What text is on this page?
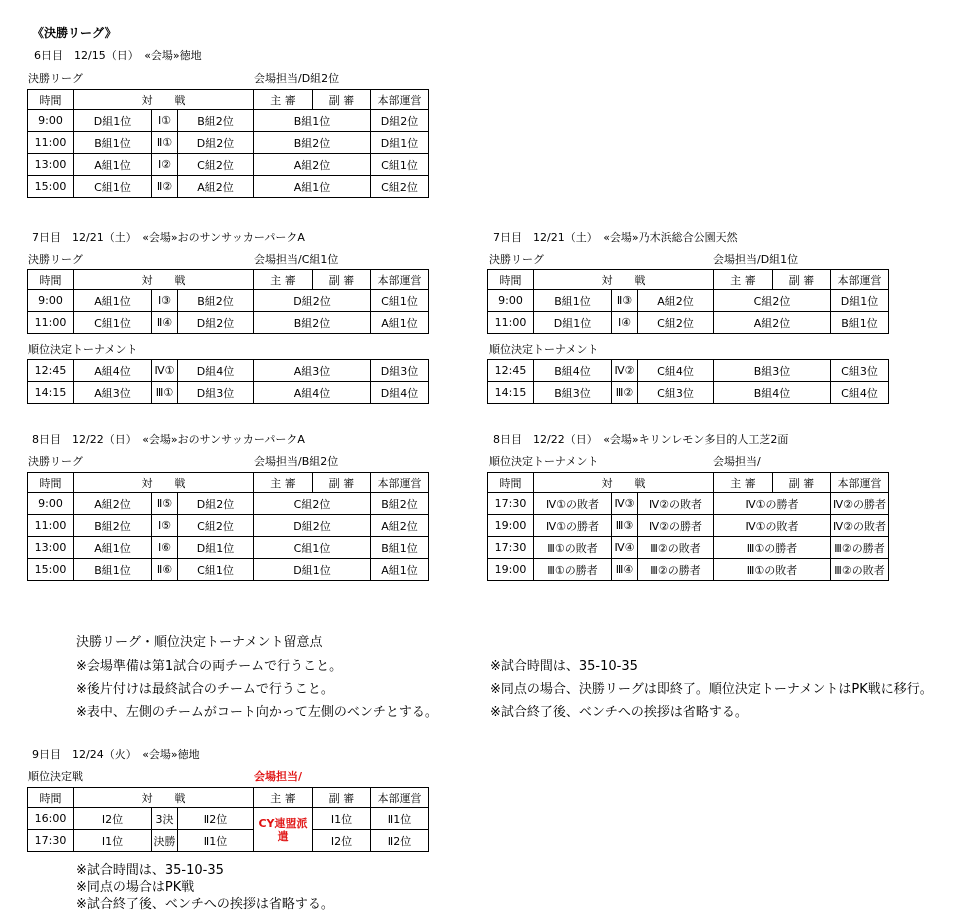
《決勝リーグ》
6日目　12/15（日）　«会場»徳地
決勝リーグ	会場担当/D組2位
時間	対　　戦			主 審	副 審	本部運営
9:00	D組1位	Ⅰ①	B組2位	B組1位		D組2位
11:00	B組1位	Ⅱ①	D組2位	B組2位		D組1位
13:00	A組1位	Ⅰ②	C組2位	A組2位		C組1位
15:00	C組1位	Ⅱ②	A組2位	A組1位		C組2位
7日目　12/21（土）　«会場»おのサンサッカーパークA
決勝リーグ	会場担当/C組1位
時間	対　　戦			主 審	副 審	本部運営
9:00	A組1位	Ⅰ③	B組2位	D組2位		C組1位
11:00	C組1位	Ⅱ④	D組2位	B組2位		A組1位
順位決定トーナメント
12:45	A組4位	Ⅳ①	D組4位	A組3位	D組3位
14:15	A組3位	Ⅲ①	D組3位	A組4位	D組4位
7日目　12/21（土）　«会場»乃木浜総合公園天然
決勝リーグ	会場担当/D組1位
時間	対　　戦			主 審	副 審	本部運営
9:00	B組1位	Ⅱ③	A組2位	C組2位		D組1位
11:00	D組1位	Ⅰ④	C組2位	A組2位		B組1位
順位決定トーナメント
12:45	B組4位	Ⅳ②	C組4位	B組3位	C組3位
14:15	B組3位	Ⅲ②	C組3位	B組4位	C組4位
8日目　12/22（日）　«会場»おのサンサッカーパークA
決勝リーグ	会場担当/B組2位
時間	対　　戦			主 審	副 審	本部運営
9:00	A組2位	Ⅱ⑤	D組2位	C組2位		B組2位
11:00	B組2位	Ⅰ⑤	C組2位	D組2位		A組2位
13:00	A組1位	Ⅰ⑥	D組1位	C組1位		B組1位
15:00	B組1位	Ⅱ⑥	C組1位	D組1位		A組1位
8日目　12/22（日）　«会場»キリンレモン多目的人工芝2面
順位決定トーナメント	会場担当/
時間	対　　戦			主 審	副 審	本部運営
17:30	Ⅳ①の敗者	Ⅳ③	Ⅳ②の敗者	Ⅳ①の勝者		Ⅳ②の勝者
19:00	Ⅳ①の勝者	Ⅲ③	Ⅳ②の勝者	Ⅳ①の敗者		Ⅳ②の敗者
17:30	Ⅲ①の敗者	Ⅳ④	Ⅲ②の敗者	Ⅲ①の勝者		Ⅲ②の勝者
19:00	Ⅲ①の勝者	Ⅲ④	Ⅲ②の勝者	Ⅲ①の敗者		Ⅲ②の敗者
決勝リーグ・順位決定トーナメント留意点
※会場準備は第1試合の両チームで行うこと。
※後片付けは最終試合のチームで行うこと。
※表中、左側のチームがコート向かって左側のベンチとする。
※試合時間は、35-10-35
※同点の場合、決勝リーグは即終了。順位決定トーナメントはPK戦に移行。
※試合終了後、ベンチへの挨拶は省略する。
9日目　12/24（火）　«会場»徳地
順位決定戦	会場担当/
時間	対　　戦			主 審	副 審	本部運営
16:00	Ⅰ2位	3決	Ⅱ2位	CY連盟派遣	Ⅰ1位	Ⅱ1位
17:30	Ⅰ1位	決勝	Ⅱ1位		Ⅰ2位	Ⅱ2位
※試合時間は、35-10-35
※同点の場合はPK戦
※試合終了後、ベンチへの挨拶は省略する。
